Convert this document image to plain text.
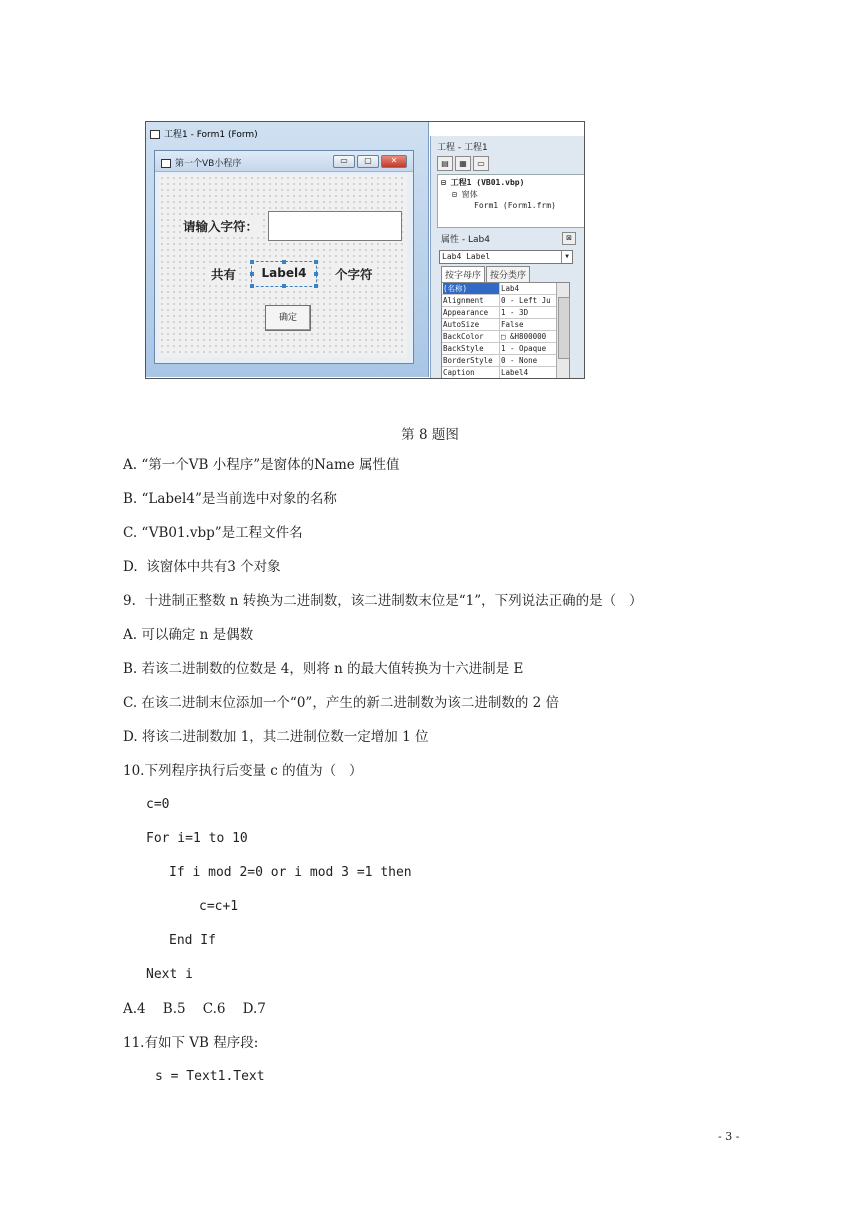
工程1 - Form1 (Form)
第一个VB小程序	▭	▢	✕
请输入字符：
共有	Label4	个字符
确定
工程 - 工程1
▤ ▦ ▭
⊟ 工程1 (VB01.vbp)
⊟ 窗体
Form1 (Form1.frm)
属性 - Lab4	⊠
Lab4 Label	▼
按字母序 按分类序
(名称)	Lab4
Alignment	0 - Left Ju
Appearance	1 - 3D
AutoSize	False
BackColor	□ &H800000
BackStyle	1 - Opaque
BorderStyle	0 - None
Caption	Label4
第 8 题图
A. “第一个VB 小程序”是窗体的Name 属性值
B. “Label4”是当前选中对象的名称
C. “VB01.vbp”是工程文件名
D.  该窗体中共有3 个对象
9.  十进制正整数 n 转换为二进制数，该二进制数末位是“1”，下列说法正确的是（   ）
A. 可以确定 n 是偶数
B. 若该二进制数的位数是 4，则将 n 的最大值转换为十六进制是 E
C. 在该二进制末位添加一个“0”，产生的新二进制数为该二进制数的 2 倍
D. 将该二进制数加 1，其二进制位数一定增加 1 位
10.下列程序执行后变量 c 的值为（   ）
c=0
For i=1 to 10
If i mod 2=0 or i mod 3 =1 then
c=c+1
End If
Next i
A.4    B.5    C.6    D.7
11.有如下 VB 程序段:
s = Text1.Text
- 3 -
